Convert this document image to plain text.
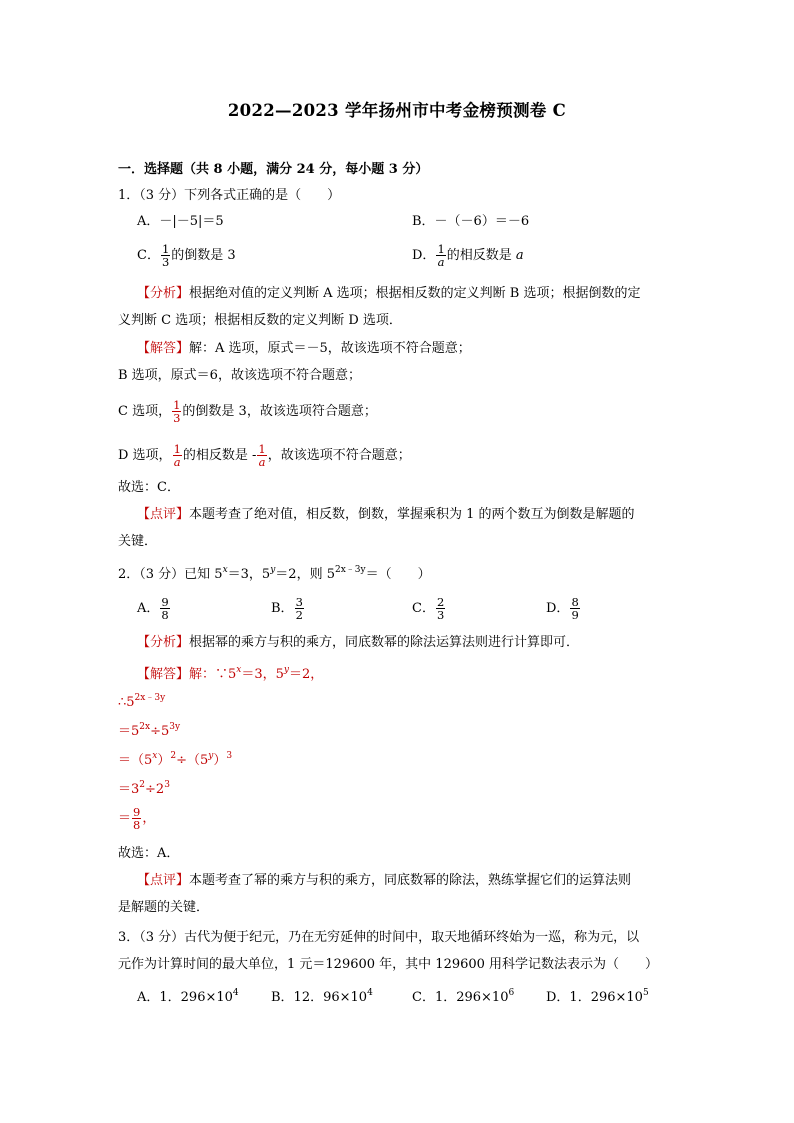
2022—2023 学年扬州市中考金榜预测卷 C
一．选择题（共 8 小题，满分 24 分，每小题 3 分）
1．（3 分）下列各式正确的是（　　）
A．－|－5|＝5	B．－（－6）＝－6
C． $\frac{1}{3}$ 的倒数是 3	D． $\frac{1}{a}$ 的相反数是 a
【分析】根据绝对值的定义判断 A 选项；根据相反数的定义判断 B 选项；根据倒数的定
义判断 C 选项；根据相反数的定义判断 D 选项．
【解答】解：A 选项，原式＝－5，故该选项不符合题意；
B 选项，原式＝6，故该选项不符合题意；
C 选项， $\frac{1}{3}$ 的倒数是 3，故该选项符合题意；
D 选项， $\frac{1}{a}$ 的相反数是 - $\frac{1}{a}$ ，故该选项不符合题意；
故选：C．
【点评】本题考查了绝对值，相反数，倒数，掌握乘积为 1 的两个数互为倒数是解题的
关键．
2．（3 分）已知 $5^x=3$，$5^y=2$，则 $5^{2x﹣3y}=$（　　）
A． $\frac{9}{8}$	B． $\frac{3}{2}$	C． $\frac{2}{3}$	D． $\frac{8}{9}$
【分析】根据幂的乘方与积的乘方，同底数幂的除法运算法则进行计算即可．
【解答】解：$\because 5^x=3$，$5^y=2$，
$\therefore 5^{2x﹣3y}$
$=5^{2x}\div 5^{3y}$
$=(5^x)^2\div(5^y)^3$
$=3^2\div 2^3$
＝ $\frac{9}{8}$ ，
故选：A．
【点评】本题考查了幂的乘方与积的乘方，同底数幂的除法，熟练掌握它们的运算法则
是解题的关键．
3．（3 分）古代为便于纪元，乃在无穷延伸的时间中，取天地循环终始为一巡，称为元，以
元作为计算时间的最大单位，1 元＝129600 年，其中 129600 用科学记数法表示为（　　）
A．1．$296\times 10^4$ B．12．$96\times 10^4$	C．1．$296\times 10^6$ D．1．$296\times 10^5$
